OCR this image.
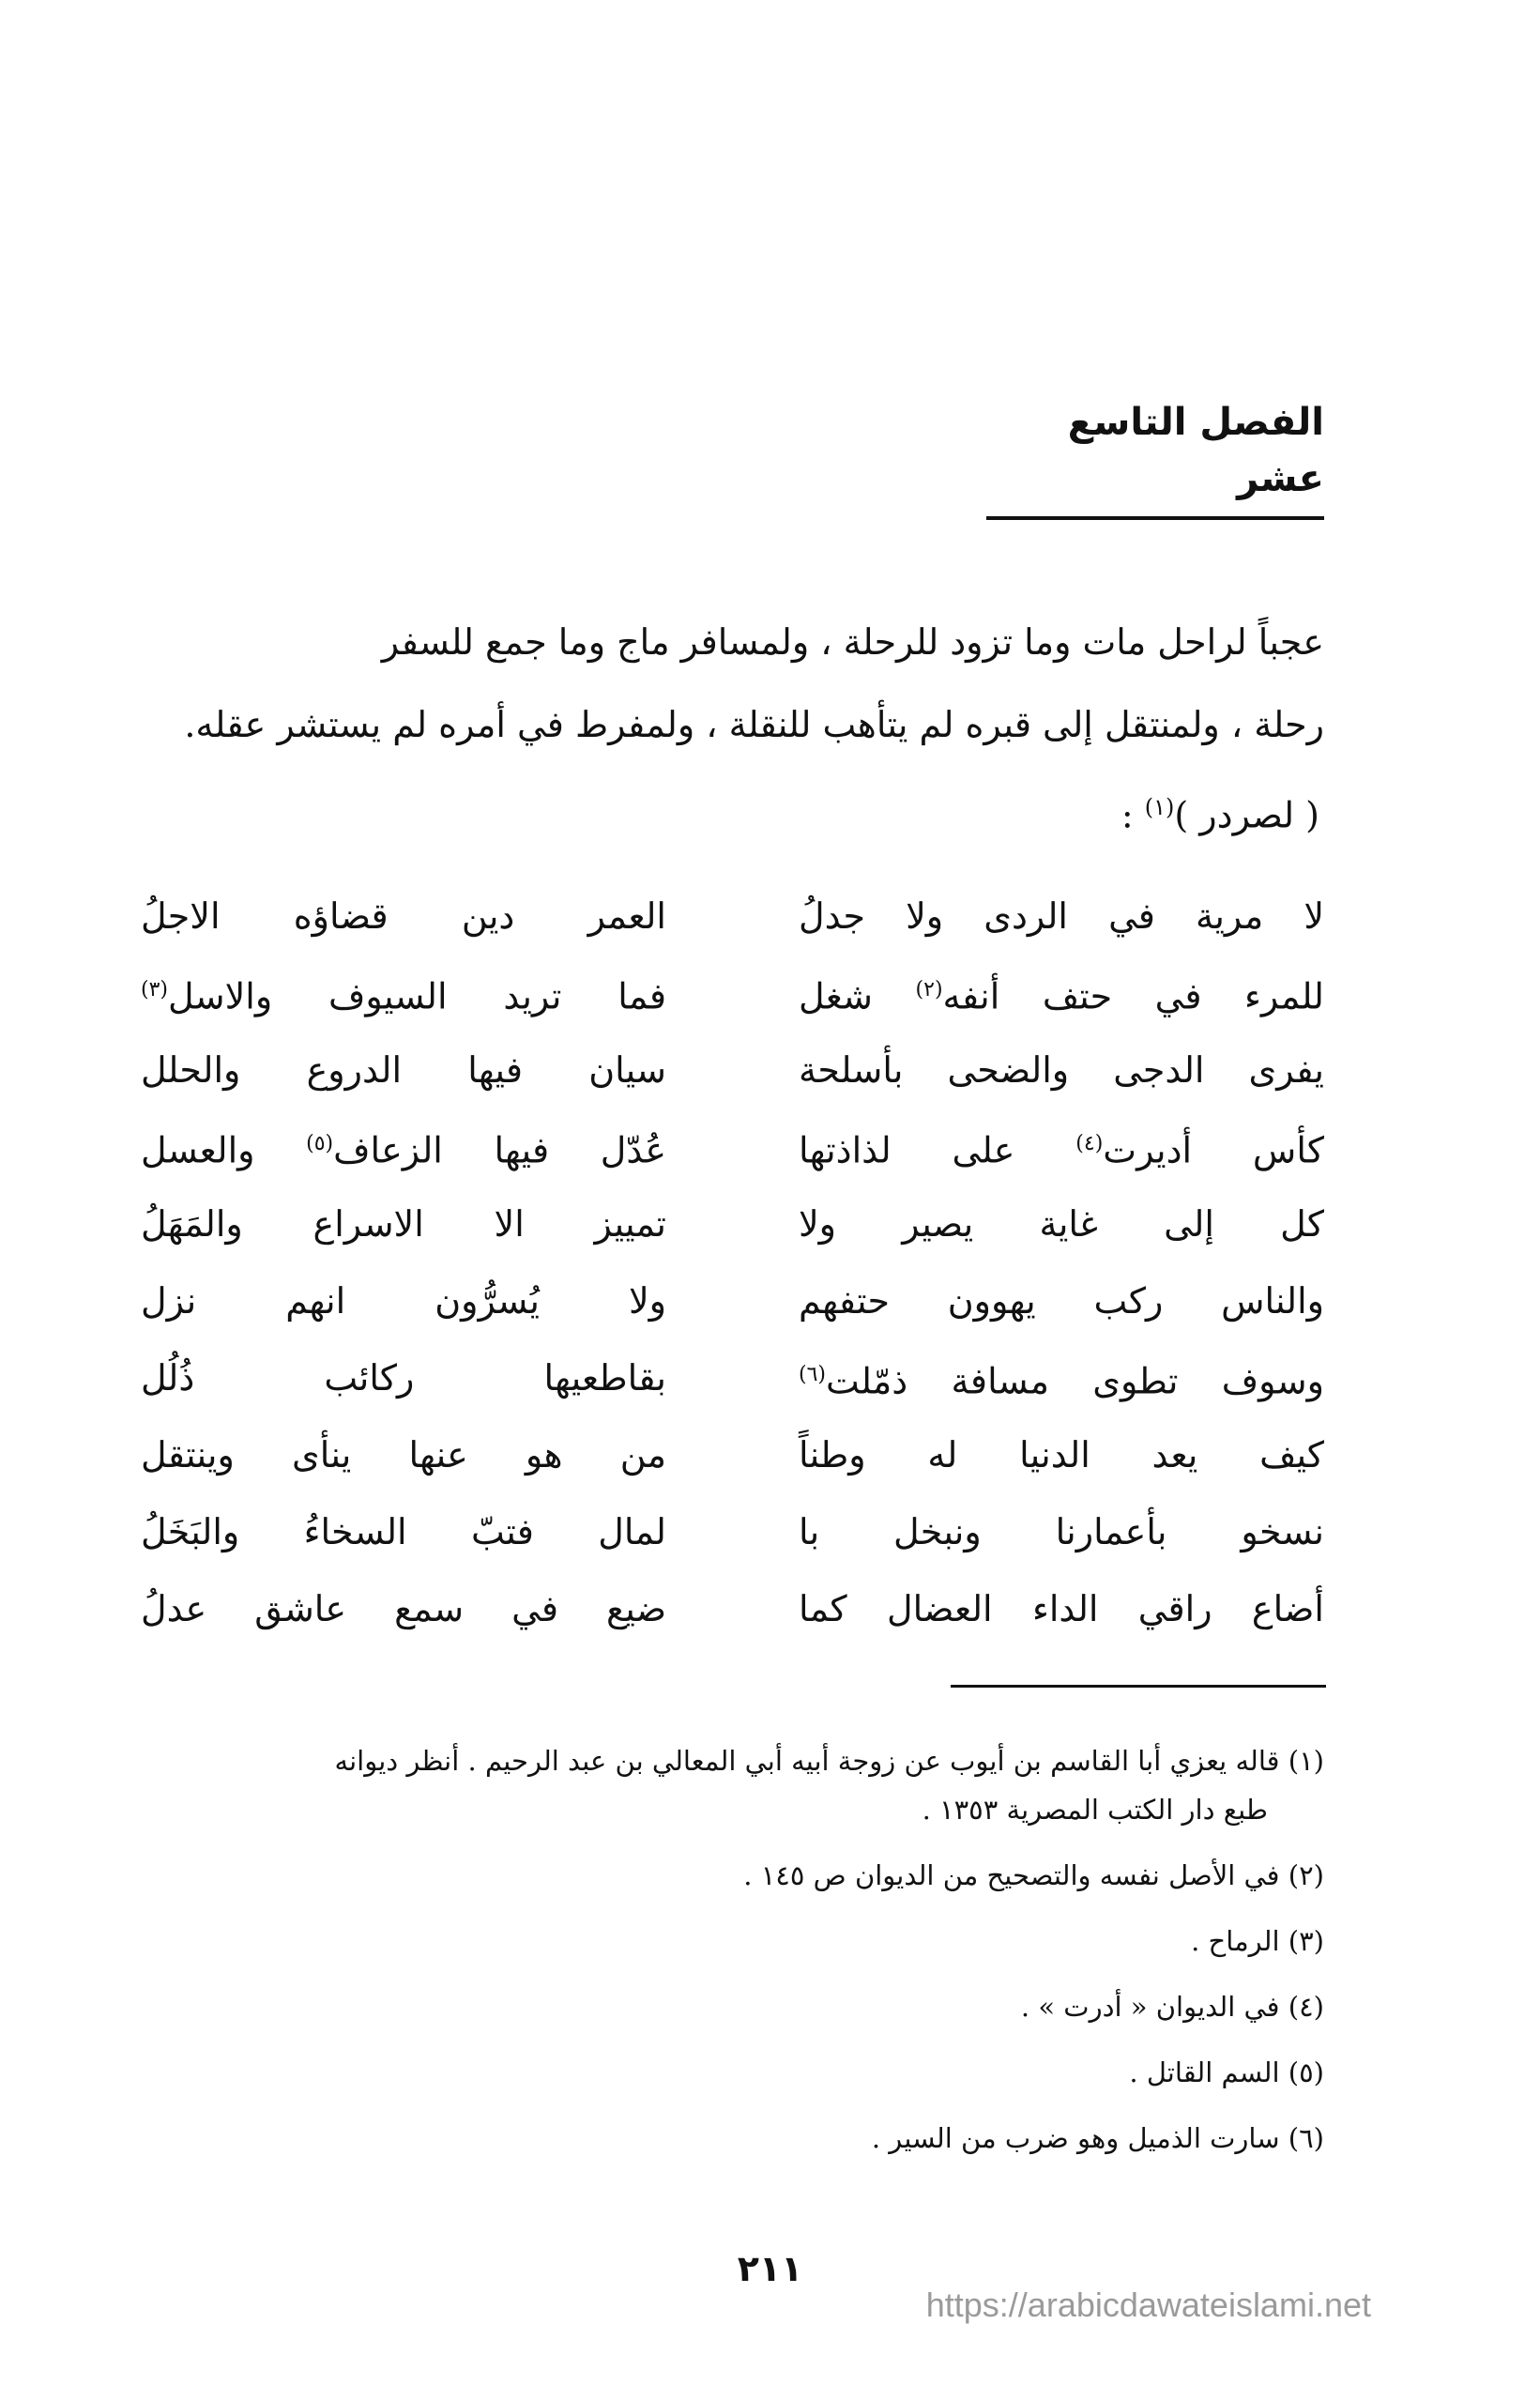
الفصل التاسع عشر

عجباً لراحل مات وما تزود للرحلة ، ولمسافر ماج وما جمع للسفر

رحلة ، ولمنتقل إلى قبره لم يتأهب للنقلة ، ولمفرط في أمره لم يستشر عقله.

( لصردر )$^{(١)}$ :
لا مرية في الردى ولا جدلُ
العمر دين قضاؤه الاجلُ
للمرء في حتف أنفه$^{(٢)}$ شغل
فما تريد السيوف والاسل$^{(٣)}$
يفرى الدجى والضحى بأسلحة
سيان فيها الدروع والحلل
كأس أديرت$^{(٤)}$ على لذاذتها
عُدّل فيها الزعاف$^{(٥)}$ والعسل
كل إلى غاية يصير ولا
تمييز الا الاسراع والمَهَلُ
والناس ركب يهوون حتفهم
ولا يُسرُّون انهم نزل
وسوف تطوى مسافة ذمّلت$^{(٦)}$
بقاطعيها ركائب ذُلُل
كيف يعد الدنيا له وطناً
من هو عنها ينأى وينتقل
نسخو بأعمارنا ونبخل با
لمال فتبّ السخاءُ والبَخَلُ
أضاع راقي الداء العضال كما
ضيع في سمع عاشق عدلُ
(١) قاله يعزي أبا القاسم بن أيوب عن زوجة أبيه أبي المعالي بن عبد الرحيم . أنظر ديوانه
طبع دار الكتب المصرية ١٣٥٣ .
(٢) في الأصل نفسه والتصحيح من الديوان ص ١٤٥ .
(٣) الرماح .
(٤) في الديوان « أدرت » .
(٥) السم القاتل .
(٦) سارت الذميل وهو ضرب من السير .
٢١١
https://arabicdawateislami.net
